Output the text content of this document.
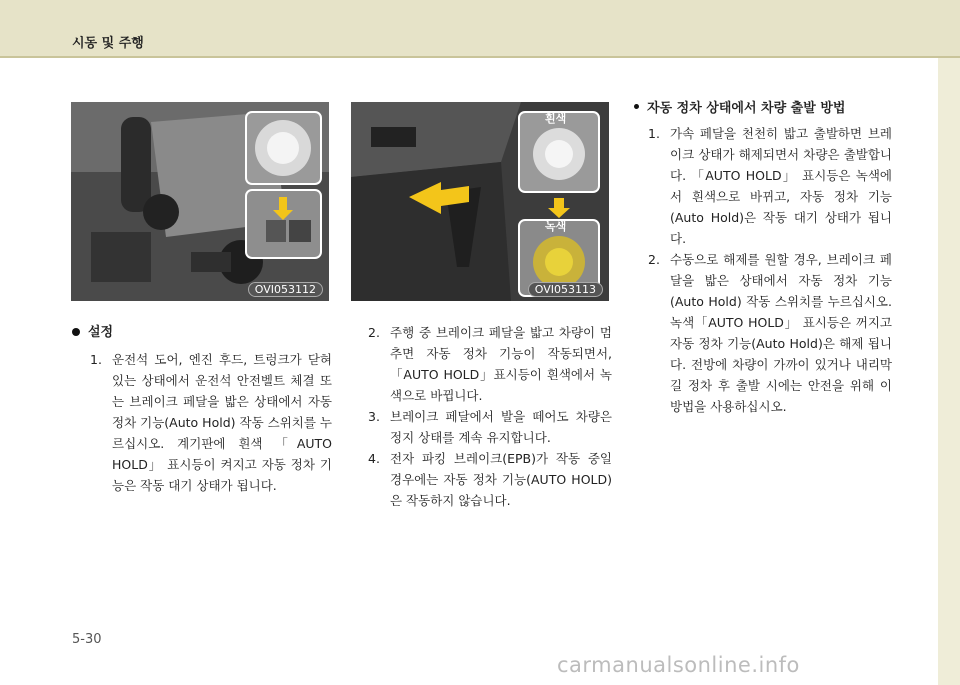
시동 및 주행
OVI053112
흰색
녹색
OVI053113
설정
1. 운전석 도어, 엔진 후드, 트렁크가 닫혀 있는 상태에서 운전석 안전벨트 체결 또는 브레이크 페달을 밟은 상태에서 자동 정차 기능(Auto Hold) 작동 스위치를 누르십시오. 계기판에 흰색 「AUTO HOLD」 표시등이 켜지고 자동 정차 기능은 작동 대기 상태가 됩니다.
2. 주행 중 브레이크 페달을 밟고 차량이 멈추면 자동 정차 기능이 작동되면서, 「AUTO HOLD」표시등이 흰색에서 녹색으로 바뀝니다.
3. 브레이크 페달에서 발을 떼어도 차량은 정지 상태를 계속 유지합니다.
4. 전자 파킹 브레이크(EPB)가 작동 중일 경우에는 자동 정차 기능(AUTO HOLD)은 작동하지 않습니다.
자동 정차 상태에서 차량 출발 방법
1. 가속 페달을 천천히 밟고 출발하면 브레이크 상태가 해제되면서 차량은 출발합니다. 「AUTO HOLD」 표시등은 녹색에서 흰색으로 바뀌고, 자동 정차 기능(Auto Hold)은 작동 대기 상태가 됩니다.
2. 수동으로 해제를 원할 경우, 브레이크 페달을 밟은 상태에서 자동 정차 기능(Auto Hold) 작동 스위치를 누르십시오. 녹색「AUTO HOLD」 표시등은 꺼지고 자동 정차 기능(Auto Hold)은 해제 됩니다. 전방에 차량이 가까이 있거나 내리막길 정차 후 출발 시에는 안전을 위해 이 방법을 사용하십시오.
5-30
carmanualsonline.info
